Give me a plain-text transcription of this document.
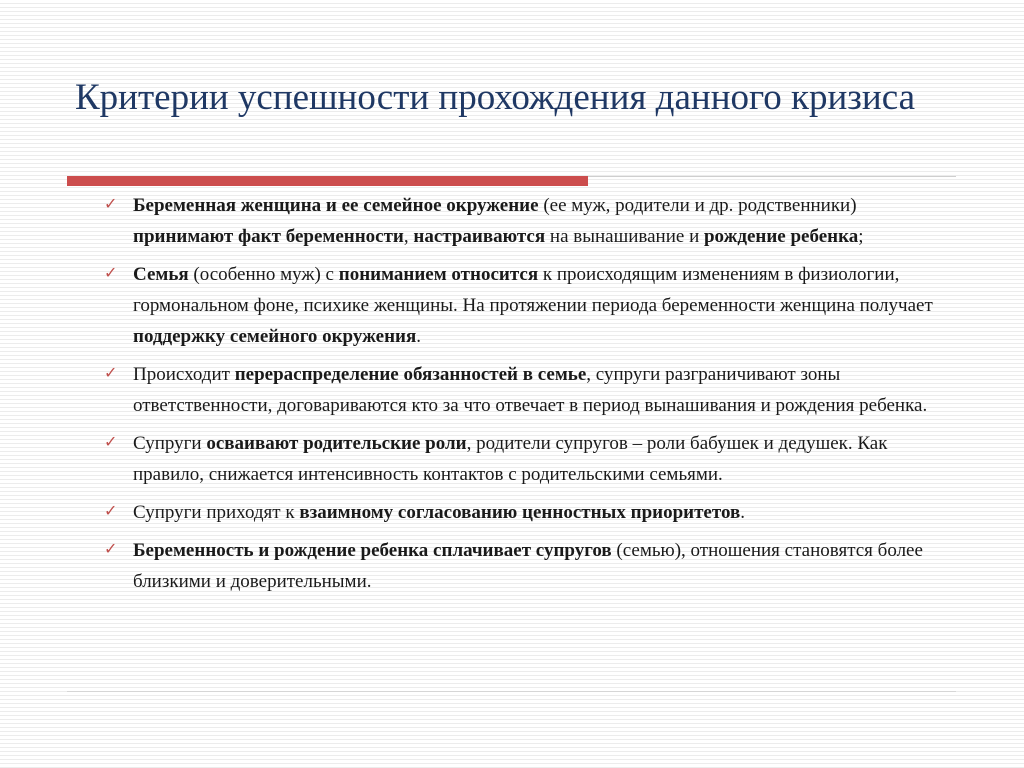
Критерии успешности прохождения данного кризиса
✓ Беременная женщина и ее семейное окружение (ее муж, родители и др. родственники) принимают факт беременности, настраиваются на вынашивание и рождение ребенка;
✓ Семья (особенно муж) с пониманием относится к происходящим изменениям в физиологии, гормональном фоне, психике женщины. На протяжении периода беременности женщина получает поддержку семейного окружения.
✓ Происходит перераспределение обязанностей в семье, супруги разграничивают зоны ответственности, договариваются кто за что отвечает в период вынашивания и рождения ребенка.
✓ Супруги осваивают родительские роли, родители супругов – роли бабушек и дедушек. Как правило, снижается интенсивность контактов с родительскими семьями.
✓ Супруги приходят к взаимному согласованию ценностных приоритетов.
✓ Беременность и рождение ребенка сплачивает супругов (семью), отношения становятся более близкими и доверительными.
